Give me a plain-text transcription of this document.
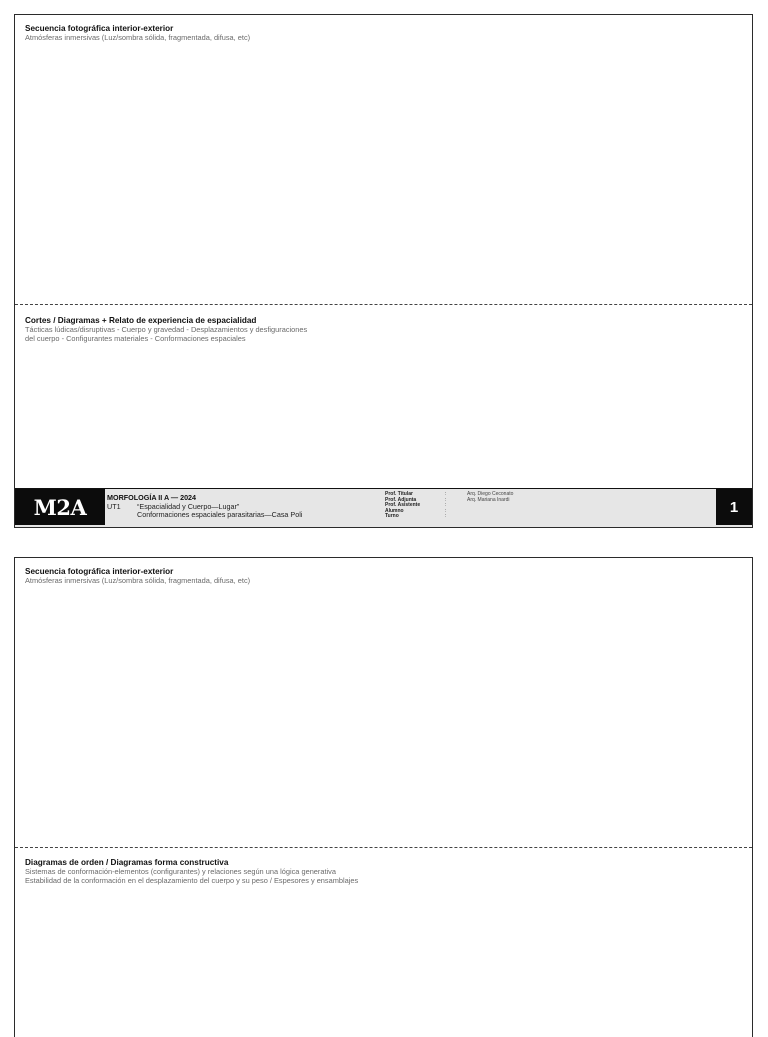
Secuencia fotográfica interior-exterior
Atmósferas inmersivas (Luz/sombra sólida, fragmentada, difusa, etc)
Cortes / Diagramas + Relato de experiencia de espacialidad
Tácticas lúdicas/disruptivas - Cuerpo y gravedad - Desplazamientos y desfiguraciones
del cuerpo - Configurantes materiales - Conformaciones espaciales
M2A	MORFOLOGÍA II A — 2024
UT1 “Espacialidad y Cuerpo—Lugar”
Conformaciones espaciales parasitarias—Casa Poli
Prof. Titular	:	Arq. Diego Ceconato
Prof. Adjunta	:	Arq. Mariana Inardi
Prof. Asistente	:
Alumno	:
Turno	:
1
Secuencia fotográfica interior-exterior
Atmósferas inmersivas (Luz/sombra sólida, fragmentada, difusa, etc)
Diagramas de orden / Diagramas forma constructiva
Sistemas de conformación-elementos (configurantes) y relaciones según una lógica generativa
Estabilidad de la conformación en el desplazamiento del cuerpo y su peso / Espesores y ensamblajes
